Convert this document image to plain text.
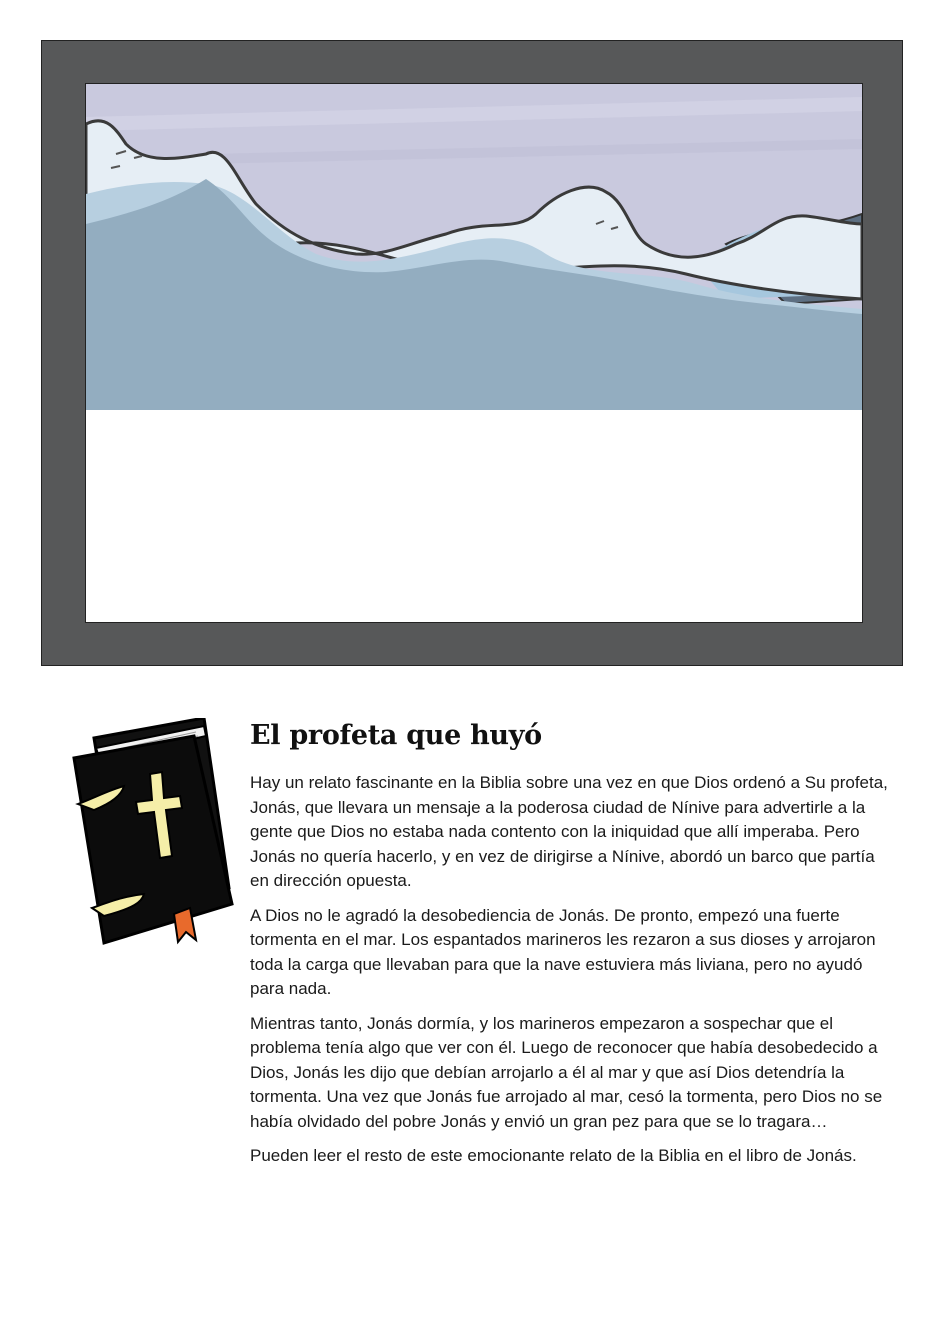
El profeta que huyó

Hay un relato fascinante en la Biblia sobre una vez en que Dios ordenó a Su profeta, Jonás, que llevara un mensaje a la poderosa ciudad de Nínive para advertirle a la gente que Dios no estaba nada contento con la iniquidad que allí imperaba. Pero Jonás no quería hacerlo, y en vez de dirigirse a Nínive, abordó un barco que partía en dirección opuesta.

A Dios no le agradó la desobediencia de Jonás. De pronto, empezó una fuerte tormenta en el mar. Los espantados marineros les rezaron a sus dioses y arrojaron toda la carga que llevaban para que la nave estuviera más liviana, pero no ayudó para nada.

Mientras tanto, Jonás dormía, y los marineros empezaron a sospechar que el problema tenía algo que ver con él. Luego de reconocer que había desobedecido a Dios, Jonás les dijo que debían arrojarlo a él al mar y que así Dios detendría la tormenta. Una vez que Jonás fue arrojado al mar, cesó la tormenta, pero Dios no se había olvidado del pobre Jonás y envió un gran pez para que se lo tragara…

Pueden leer el resto de este emocionante relato de la Biblia en el libro de Jonás.
